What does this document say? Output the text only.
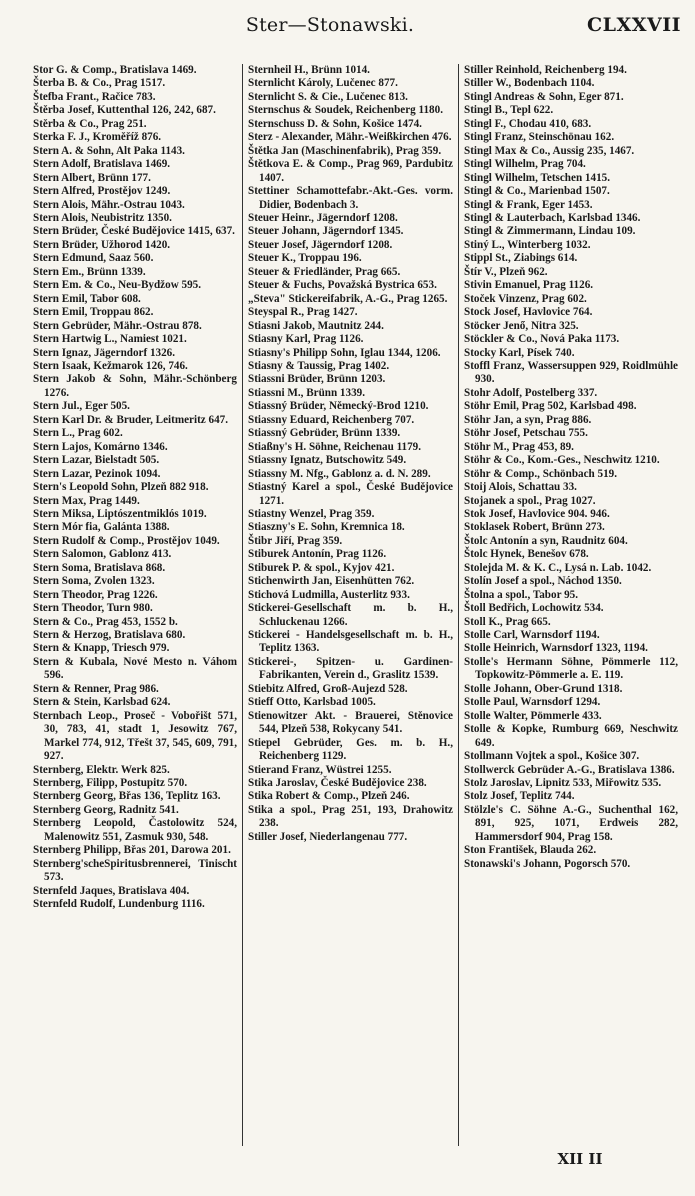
Ster—Stonawski.	CLXXVII
Stor G. & Comp., Bratislava 1469.
Šterba B. & Co., Prag 1517.
Štefba Frant., Račice 783.
Štěrba Josef, Kuttenthal 126, 242, 687.
Stěrba & Co., Prag 251.
Sterka F. J., Kroměříž 876.
Stern A. & Sohn, Alt Paka 1143.
Stern Adolf, Bratislava 1469.
Stern Albert, Brünn 177.
Stern Alfred, Prostějov 1249.
Stern Alois, Mähr.-Ostrau 1043.
Stern Alois, Neubistritz 1350.
Stern Brüder, České Budějovice 1415, 637.
Stern Brüder, Užhorod 1420.
Stern Edmund, Saaz 560.
Stern Em., Brünn 1339.
Stern Em. & Co., Neu-Bydžow 595.
Stern Emil, Tabor 608.
Stern Emil, Troppau 862.
Stern Gebrüder, Mähr.-Ostrau 878.
Stern Hartwig L., Namiest 1021.
Stern Ignaz, Jägerndorf 1326.
Stern Isaak, Kežmarok 126, 746.
Stern Jakob & Sohn, Mähr.-Schönberg 1276.
Stern Jul., Eger 505.
Stern Karl Dr. & Bruder, Leitmeritz 647.
Stern L., Prag 602.
Stern Lajos, Komárno 1346.
Stern Lazar, Bielstadt 505.
Stern Lazar, Pezinok 1094.
Stern's Leopold Sohn, Plzeň 882 918.
Stern Max, Prag 1449.
Stern Miksa, Liptószentmiklós 1019.
Stern Mór fia, Galánta 1388.
Stern Rudolf & Comp., Prostějov 1049.
Stern Salomon, Gablonz 413.
Stern Soma, Bratislava 868.
Stern Soma, Zvolen 1323.
Stern Theodor, Prag 1226.
Stern Theodor, Turn 980.
Stern & Co., Prag 453, 1552 b.
Stern & Herzog, Bratislava 680.
Stern & Knapp, Triesch 979.
Stern & Kubala, Nové Mesto n. Váhom 596.
Stern & Renner, Prag 986.
Stern & Stein, Karlsbad 624.
Sternbach Leop., Proseč - Vobořišt 571, 30, 783, 41, stadt 1, Jesowitz 767, Markel 774, 912, Třešt 37, 545, 609, 791, 927.
Sternberg, Elektr. Werk 825.
Sternberg, Filipp, Postupitz 570.
Sternberg Georg, Břas 136, Teplitz 163.
Sternberg Georg, Radnitz 541.
Sternberg Leopold, Častolowitz 524, Malenowitz 551, Zasmuk 930, 548.
Sternberg Philipp, Břas 201, Darowa 201.
Sternberg'scheSpiritusbrennerei, Tinischt 573.
Sternfeld Jaques, Bratislava 404.
Sternfeld Rudolf, Lundenburg 1116.
Sternheil H., Brünn 1014.
Sternlicht Károly, Lučenec 877.
Sternlicht S. & Cie., Lučenec 813.
Sternschus & Soudek, Reichenberg 1180.
Sternschuss D. & Sohn, Košice 1474.
Sterz - Alexander, Mähr.-Weißkirchen 476.
Štětka Jan (Maschinenfabrik), Prag 359.
Štětkova E. & Comp., Prag 969, Pardubitz 1407.
Stettiner Schamottefabr.-Akt.-Ges. vorm. Didier, Bodenbach 3.
Steuer Heinr., Jägerndorf 1208.
Steuer Johann, Jägerndorf 1345.
Steuer Josef, Jägerndorf 1208.
Steuer K., Troppau 196.
Steuer & Friedländer, Prag 665.
Steuer & Fuchs, Považská Bystrica 653.
„Steva" Stickereifabrik, A.-G., Prag 1265.
Steyspal R., Prag 1427.
Stiasni Jakob, Mautnitz 244.
Stiasny Karl, Prag 1126.
Stiasny's Philipp Sohn, Iglau 1344, 1206.
Stiasny & Taussig, Prag 1402.
Stiassni Brüder, Brünn 1203.
Stiassni M., Brünn 1339.
Stiassný Brüder, Německý-Brod 1210.
Stiassny Eduard, Reichenberg 707.
Stiassný Gebrüder, Brünn 1339.
Stiaßny's H. Söhne, Reichenau 1179.
Stiassny Ignatz, Butschowitz 549.
Stiassny M. Nfg., Gablonz a. d. N. 289.
Stiastný Karel a spol., České Budějovice 1271.
Stiastny Wenzel, Prag 359.
Stiaszny's E. Sohn, Kremnica 18.
Štibr Jiří, Prag 359.
Stiburek Antonín, Prag 1126.
Stiburek P. & spol., Kyjov 421.
Stichenwirth Jan, Eisenhütten 762.
Stichová Ludmilla, Austerlitz 933.
Stickerei-Gesellschaft m. b. H., Schluckenau 1266.
Stickerei - Handelsgesellschaft m. b. H., Teplitz 1363.
Stickerei-, Spitzen- u. Gardinen-Fabrikanten, Verein d., Graslitz 1539.
Stiebitz Alfred, Groß-Aujezd 528.
Stieff Otto, Karlsbad 1005.
Stienowitzer Akt. - Brauerei, Stěnovice 544, Plzeň 538, Rokycany 541.
Stiepel Gebrüder, Ges. m. b. H., Reichenberg 1129.
Stierand Franz, Wüstrei 1255.
Stika Jaroslav, České Budějovice 238.
Stika Robert & Comp., Plzeň 246.
Stika a spol., Prag 251, 193, Drahowitz 238.
Stiller Josef, Niederlangenau 777.
Stiller Reinhold, Reichenberg 194.
Stiller W., Bodenbach 1104.
Stingl Andreas & Sohn, Eger 871.
Stingl B., Tepl 622.
Stingl F., Chodau 410, 683.
Stingl Franz, Steinschönau 162.
Stingl Max & Co., Aussig 235, 1467.
Stingl Wilhelm, Prag 704.
Stingl Wilhelm, Tetschen 1415.
Stingl & Co., Marienbad 1507.
Stingl & Frank, Eger 1453.
Stingl & Lauterbach, Karlsbad 1346.
Stingl & Zimmermann, Lindau 109.
Stiný L., Winterberg 1032.
Stippl St., Ziabings 614.
Štír V., Plzeň 962.
Stivin Emanuel, Prag 1126.
Stoček Vinzenz, Prag 602.
Stock Josef, Havlovice 764.
Stöcker Jenő, Nitra 325.
Stöckler & Co., Nová Paka 1173.
Stocky Karl, Písek 740.
Stoffl Franz, Wassersuppen 929, Roidlmühle 930.
Stohr Adolf, Postelberg 337.
Stöhr Emil, Prag 502, Karlsbad 498.
Stöhr Jan, a syn, Prag 886.
Stöhr Josef, Petschau 755.
Stöhr M., Prag 453, 89.
Stöhr & Co., Kom.-Ges., Neschwitz 1210.
Stöhr & Comp., Schönbach 519.
Stoij Alois, Schattau 33.
Stojanek a spol., Prag 1027.
Stok Josef, Havlovice 904. 946.
Stoklasek Robert, Brünn 273.
Štolc Antonín a syn, Raudnitz 604.
Štolc Hynek, Benešov 678.
Stolejda M. & K. C., Lysá n. Lab. 1042.
Stolín Josef a spol., Náchod 1350.
Štolna a spol., Tabor 95.
Štoll Bedřich, Lochowitz 534.
Stoll K., Prag 665.
Stolle Carl, Warnsdorf 1194.
Stolle Heinrich, Warnsdorf 1323, 1194.
Stolle's Hermann Söhne, Pömmerle 112, Topkowitz-Pömmerle a. E. 119.
Stolle Johann, Ober-Grund 1318.
Stolle Paul, Warnsdorf 1294.
Stolle Walter, Pömmerle 433.
Stolle & Kopke, Rumburg 669, Neschwitz 649.
Stollmann Vojtek a spol., Košice 307.
Stollwerck Gebrüder A.-G., Bratislava 1386.
Stolz Jaroslav, Lipnitz 533, Miřowitz 535.
Stolz Josef, Teplitz 744.
Stölzle's C. Söhne A.-G., Suchenthal 162, 891, 925, 1071, Erdweis 282, Hammersdorf 904, Prag 158.
Ston František, Blauda 262.
Stonawski's Johann, Pogorsch 570.
XII II
